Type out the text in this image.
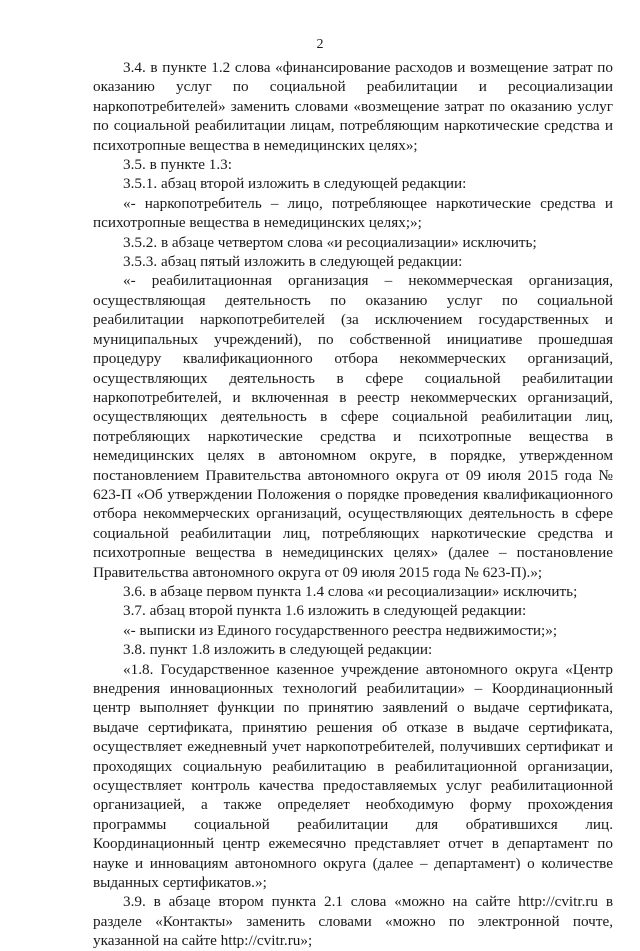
2

3.4. в пункте 1.2 слова «финансирование расходов и возмещение затрат по оказанию услуг по социальной реабилитации и ресоциализации наркопотребителей» заменить словами «возмещение затрат по оказанию услуг по социальной реабилитации лицам, потребляющим наркотические средства и психотропные вещества в немедицинских целях»;

3.5. в пункте 1.3:

3.5.1. абзац второй изложить в следующей редакции:

«- наркопотребитель – лицо, потребляющее наркотические средства и психотропные вещества в немедицинских целях;»;

3.5.2. в абзаце четвертом слова «и ресоциализации» исключить;

3.5.3. абзац пятый изложить в следующей редакции:

«- реабилитационная организация – некоммерческая организация, осуществляющая деятельность по оказанию услуг по социальной реабилитации наркопотребителей (за исключением государственных и муниципальных учреждений), по собственной инициативе прошедшая процедуру квалификационного отбора некоммерческих организаций, осуществляющих деятельность в сфере социальной реабилитации наркопотребителей, и включенная в реестр некоммерческих организаций, осуществляющих деятельность в сфере социальной реабилитации лиц, потребляющих наркотические средства и психотропные вещества в немедицинских целях в автономном округе, в порядке, утвержденном постановлением Правительства автономного округа от 09 июля 2015 года № 623-П «Об утверждении Положения о порядке проведения квалификационного отбора некоммерческих организаций, осуществляющих деятельность в сфере социальной реабилитации лиц, потребляющих наркотические средства и психотропные вещества в немедицинских целях» (далее – постановление Правительства автономного округа от 09 июля 2015 года № 623-П).»;

3.6. в абзаце первом пункта 1.4 слова «и ресоциализации» исключить;

3.7. абзац второй пункта 1.6 изложить в следующей редакции:

«- выписки из Единого государственного реестра недвижимости;»;

3.8. пункт 1.8 изложить в следующей редакции:

«1.8. Государственное казенное учреждение автономного округа «Центр внедрения инновационных технологий реабилитации» – Координационный центр выполняет функции по принятию заявлений о выдаче сертификата, выдаче сертификата, принятию решения об отказе в выдаче сертификата, осуществляет ежедневный учет наркопотребителей, получивших сертификат и проходящих социальную реабилитацию в реабилитационной организации, осуществляет контроль качества предоставляемых услуг реабилитационной организацией, а также определяет необходимую форму прохождения программы социальной реабилитации для обратившихся лиц. Координационный центр ежемесячно представляет отчет в департамент по науке и инновациям автономного округа (далее – департамент) о количестве выданных сертификатов.»;

3.9. в абзаце втором пункта 2.1 слова «можно на сайте http://cvitr.ru в разделе «Контакты» заменить словами «можно по электронной почте, указанной на сайте http://cvitr.ru»;
